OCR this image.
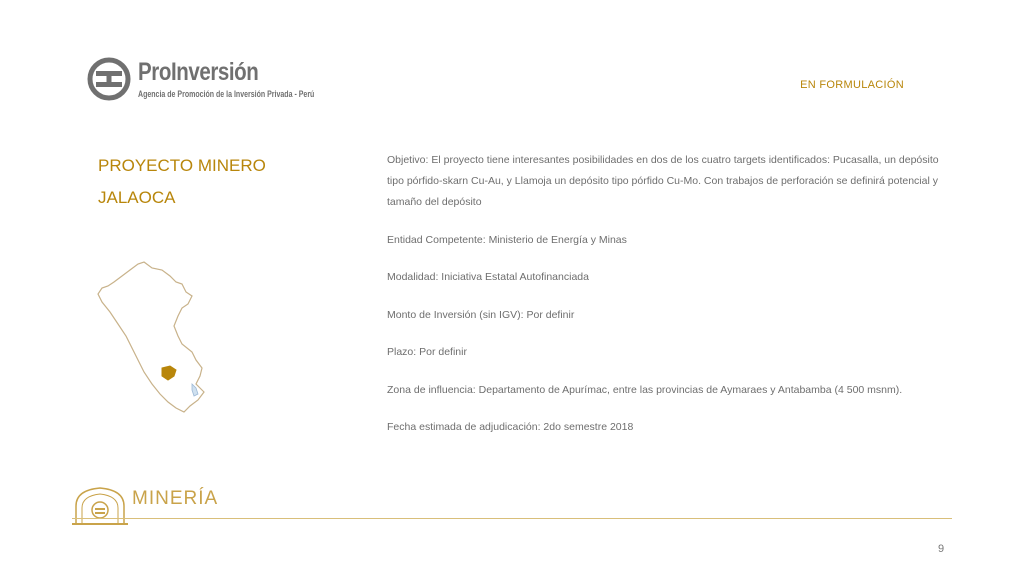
ProInversión
Agencia de Promoción de la Inversión Privada - Perú
EN FORMULACIÓN
PROYECTO MINERO
JALAOCA

Objetivo: El proyecto tiene interesantes posibilidades en dos de los cuatro targets identificados: Pucasalla, un depósito tipo pórfido-skarn Cu-Au, y Llamoja un depósito tipo pórfido Cu-Mo. Con trabajos de perforación se definirá potencial y tamaño del depósito

Entidad Competente: Ministerio de Energía y Minas

Modalidad: Iniciativa Estatal Autofinanciada

Monto de Inversión (sin IGV): Por definir

Plazo: Por definir

Zona de influencia: Departamento de Apurímac, entre las provincias de Aymaraes y Antabamba (4 500 msnm).

Fecha estimada de adjudicación: 2do semestre 2018

MINERÍA
9
